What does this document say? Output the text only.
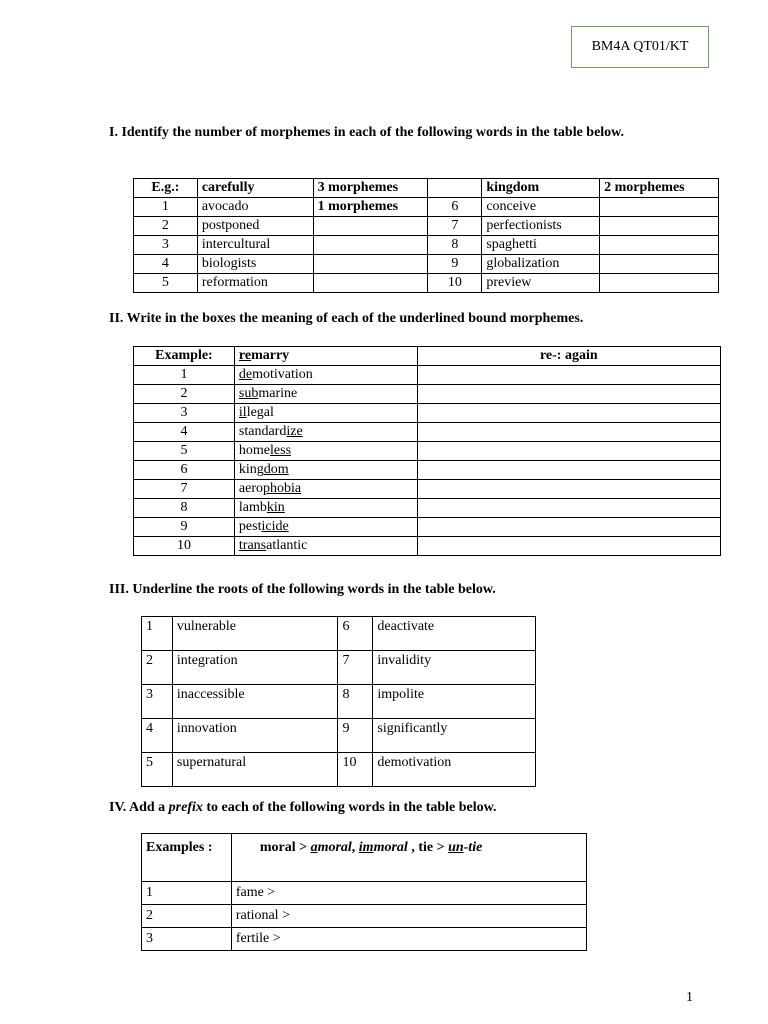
BM4A QT01/KT
I. Identify the number of morphemes in each of the following words in the table below.
E.g.:	carefully	3 morphemes		kingdom	2 morphemes
1	avocado	1 morphemes	6	conceive	
2	postponed		7	perfectionists	
3	intercultural		8	spaghetti	
4	biologists		9	globalization	
5	reformation		10	preview	
II. Write in the boxes the meaning of each of the underlined bound morphemes.
Example:	remarry	re-: again
1	demotivation	
2	submarine	
3	illegal	
4	standardize	
5	homeless	
6	kingdom	
7	aerophobia	
8	lambkin	
9	pesticide	
10	transatlantic	
III. Underline the roots of the following words in the table below.
1	vulnerable	6	deactivate
2	integration	7	invalidity
3	inaccessible	8	impolite
4	innovation	9	significantly
5	supernatural	10	demotivation
IV. Add a prefix to each of the following words in the table below.
Examples :	moral > amoral, immoral , tie > un-tie
1	fame >
2	rational >
3	fertile >
1
